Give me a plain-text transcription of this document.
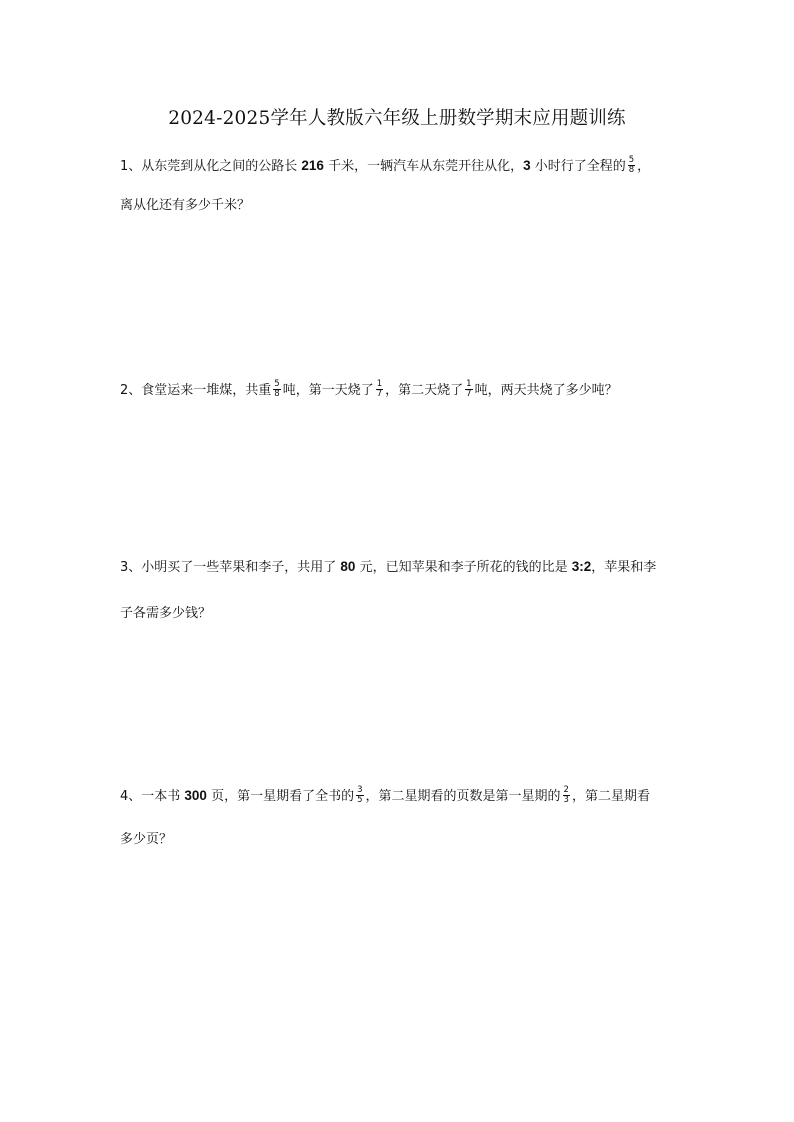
2024-2025学年人教版六年级上册数学期末应用题训练
1、从东莞到从化之间的公路长 216 千米，一辆汽车从东莞开往从化，3 小时行了全程的 $\frac{5}{8}$ ，
离从化还有多少千米？
2、食堂运来一堆煤，共重 $\frac{5}{8}$ 吨，第一天烧了 $\frac{1}{7}$ ，第二天烧了 $\frac{1}{7}$ 吨，两天共烧了多少吨？
3、小明买了一些苹果和李子，共用了 80 元，已知苹果和李子所花的钱的比是 3:2，苹果和李
子各需多少钱？
4、一本书 300 页，第一星期看了全书的 $\frac{3}{5}$ ，第二星期看的页数是第一星期的 $\frac{2}{3}$ ，第二星期看
多少页？
